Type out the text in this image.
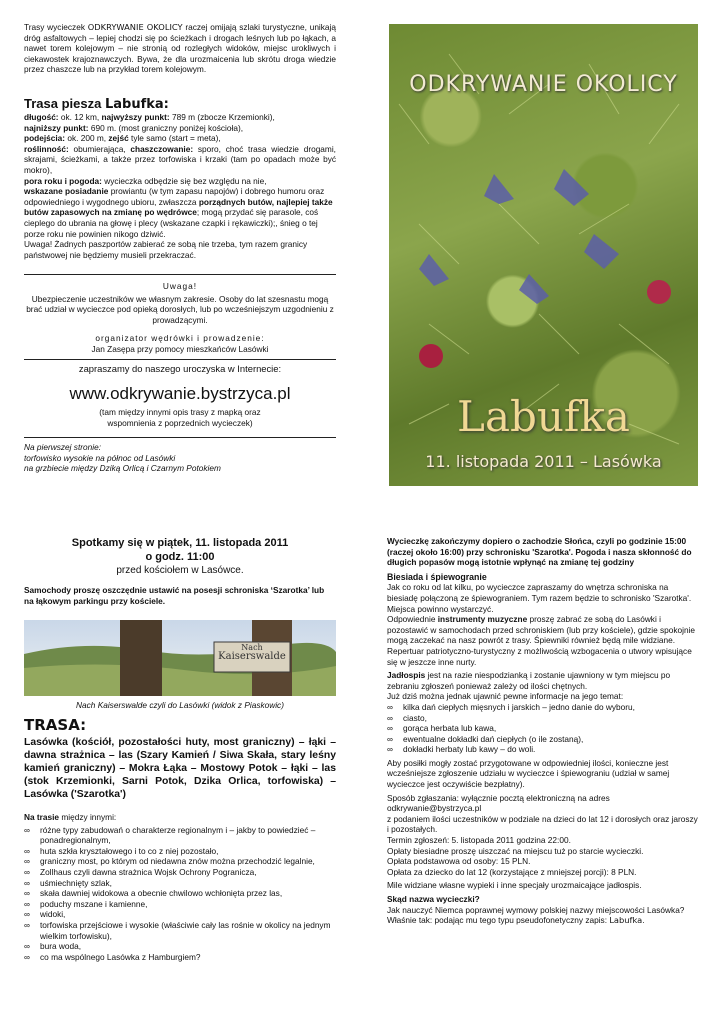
Trasy wycieczek ODKRYWANIE OKOLICY raczej omijają szlaki turystyczne, unikają dróg asfaltowych – lepiej chodzi się po ścieżkach i drogach leśnych lub po łąkach, a nawet torem kolejowym – nie stronią od rozległych widoków, miejsc urokliwych i ciekawostek krajoznawczych. Bywa, że dla urozmaicenia lub skrótu droga wiedzie przez chaszcze lub na przykład torem kolejowym.
Trasa piesza Labufka:
długość: ok. 12 km, najwyższy punkt: 789 m (zbocze Krzemionki),
najniższy punkt: 690 m. (most graniczny poniżej kościoła),
podejścia: ok. 200 m, zejść tyle samo (start = meta),
roślinność: obumierająca, chaszczowanie: sporo, choć trasa wiedzie drogami, skrajami, ścieżkami, a także przez torfowiska i krzaki (tam po opadach może być mokro),
pora roku i pogoda: wycieczka odbędzie się bez względu na nie,
wskazane posiadanie prowiantu (w tym zapasu napojów) i dobrego humoru oraz odpowiedniego i wygodnego ubioru, zwłaszcza porządnych butów, najlepiej także butów zapasowych na zmianę po wędrówce; mogą przydać się parasole, coś cieplego do ubrania na głowę i plecy (wskazane czapki i rękawiczki);, śnieg o tej porze roku nie powinien nikogo dziwić.
Uwaga! Żadnych paszportów zabierać ze sobą nie trzeba, tym razem granicy państwowej nie będziemy musieli przekraczać.
Uwaga!
Ubezpieczenie uczestników we własnym zakresie. Osoby do lat szesnastu mogą brać udział w wycieczce pod opieką dorosłych, lub po wcześniejszym uzgodnieniu z prowadzącymi.
organizator wędrówki i prowadzenie:
Jan Zasępa przy pomocy mieszkańców Lasówki
zapraszamy do naszego uroczyska w Internecie:
www.odkrywanie.bystrzyca.pl
(tam między innymi opis trasy z mapką oraz wspomnienia z poprzednich wycieczek)
Na pierwszej stronie:
torfowisko wysokie na północ od Lasówki
na grzbiecie między Dziką Orlicą i Czarnym Potokiem
ODKRYWANIE OKOLICY
Labufka
11. listopada 2011 – Lasówka
Spotkamy się w piątek, 11. listopada 2011
o godz. 11:00
przed kościołem w Lasówce.
Samochody proszę oszczędnie ustawić na posesji schroniska ‘Szarotka’ lub na łąkowym parkingu przy kościele.
Nach
Kaiserswalde
Nach Kaiserswalde czyli do Lasówki (widok z Piaskowic)
TRASA:
Lasówka (kościół, pozostałości huty, most graniczny) – łąki – dawna strażnica – las (Szary Kamień / Siwa Skała, stary leśny kamień graniczny) – Mokra Łąka – Mostowy Potok – łąki – las (stok Krzemionki, Sarni Potok, Dzika Orlica, torfowiska) – Lasówka ('Szarotka')
Na trasie między innymi:
∞ różne typy zabudowań o charakterze regionalnym i – jakby to powiedzieć – ponadregionalnym,
∞ huta szkła kryształowego i to co z niej pozostało,
∞ graniczny most, po którym od niedawna znów można przechodzić legalnie,
∞ Zollhaus czyli dawna strażnica Wojsk Ochrony Pogranicza,
∞ uśmiechnięty szlak,
∞ skała dawniej widokowa a obecnie chwilowo wchłonięta przez las,
∞ poduchy mszane i kamienne,
∞ widoki,
∞ torfowiska przejściowe i wysokie (właściwie cały las rośnie w okolicy na jednym wielkim torfowisku),
∞ bura woda,
∞ co ma wspólnego Lasówka z Hamburgiem?

Wycieczkę zakończymy dopiero o zachodzie Słońca, czyli po godzinie 15:00 (raczej około 16:00) przy schronisku 'Szarotka'. Pogoda i nasza skłonność do długich popasów mogą istotnie wpłynąć na zmianę tej godziny

Biesiada i śpiewogranie

Jak co roku od lat kilku, po wycieczce zapraszamy do wnętrza schroniska na biesiadę połączoną ze śpiewograniem. Tym razem będzie to schronisko 'Szarotka'. Miejsca powinno wystarczyć.

Odpowiednie instrumenty muzyczne proszę zabrać ze sobą do Lasówki i pozostawić w samochodach przed schroniskiem (lub przy kościele), gdzie spokojnie mogą zaczekać na nasz powrót z trasy. Śpiewniki również będą mile widziane. Repertuar patriotyczno-turystyczny z możliwością wzbogacenia o utwory wpisujące się w jeszcze inne nurty.

Jadłospis jest na razie niespodzianką i zostanie ujawniony w tym miejscu po zebraniu zgłoszeń ponieważ zależy od ilości chętnych.

Już dziś można jednak ujawnić pewne informacje na jego temat:

∞ kilka dań ciepłych mięsnych i jarskich – jedno danie do wyboru,
∞ ciasto,
∞ gorąca herbata lub kawa,
∞ ewentualne dokładki dań ciepłych (o ile zostaną),
∞ dokładki herbaty lub kawy – do woli.

Aby posiłki mogły zostać przygotowane w odpowiedniej ilości, konieczne jest wcześniejsze zgłoszenie udziału w wycieczce i śpiewograniu (udział w samej wycieczce jest oczywiście bezpłatny).

Sposób zgłaszania: wyłącznie pocztą elektroniczną na adres

odkrywanie@bystrzyca.pl

z podaniem ilości uczestników w podziale na dzieci do lat 12 i dorosłych oraz jaroszy i pozostałych.

Termin zgłoszeń: 5. listopada 2011 godzina 22:00.

Opłaty biesiadne proszę uiszczać na miejscu tuż po starcie wycieczki.

Opłata podstawowa od osoby: 15 PLN.

Opłata za dziecko do lat 12 (korzystające z mniejszej porcji): 8 PLN.

Mile widziane własne wypieki i inne specjały urozmaicające jadłospis.

Skąd nazwa wycieczki?

Jak nauczyć Niemca poprawnej wymowy polskiej nazwy miejscowości Lasówka?

Właśnie tak: podając mu tego typu pseudofonetyczny zapis: Labufka.
